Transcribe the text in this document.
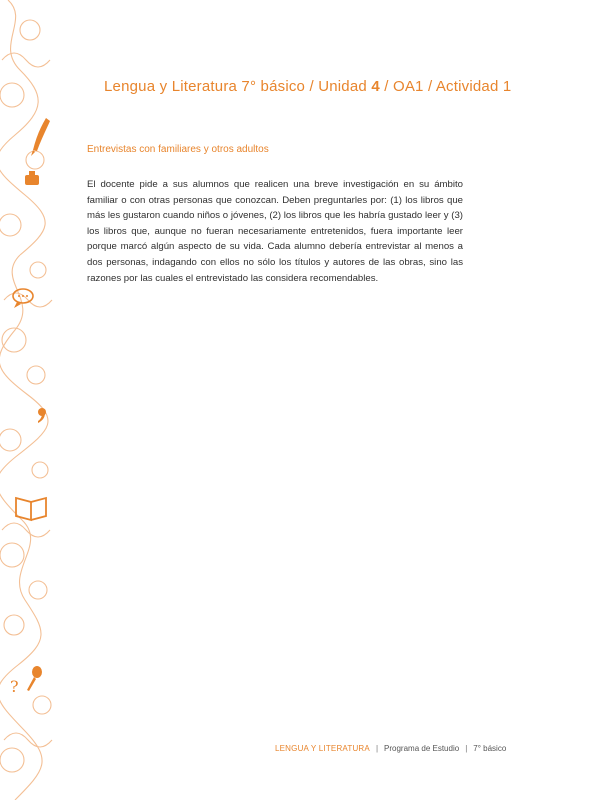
?
Lengua y Literatura 7° básico / Unidad 4 / OA1 / Actividad 1
Entrevistas con familiares y otros adultos
El docente pide a sus alumnos que realicen una breve investigación en su ámbito familiar o con otras personas que conozcan. Deben preguntarles por: (1) los libros que más les gustaron cuando niños o jóvenes, (2) los libros que les habría gustado leer y (3) los libros que, aunque no fueran necesariamente entretenidos, fuera importante leer porque marcó algún aspecto de su vida. Cada alumno debería entrevistar al menos a dos personas, indagando con ellos no sólo los títulos y autores de las obras, sino las razones por las cuales el entrevistado las considera recomendables.
LENGUA Y LITERATURA | Programa de Estudio | 7° básico
